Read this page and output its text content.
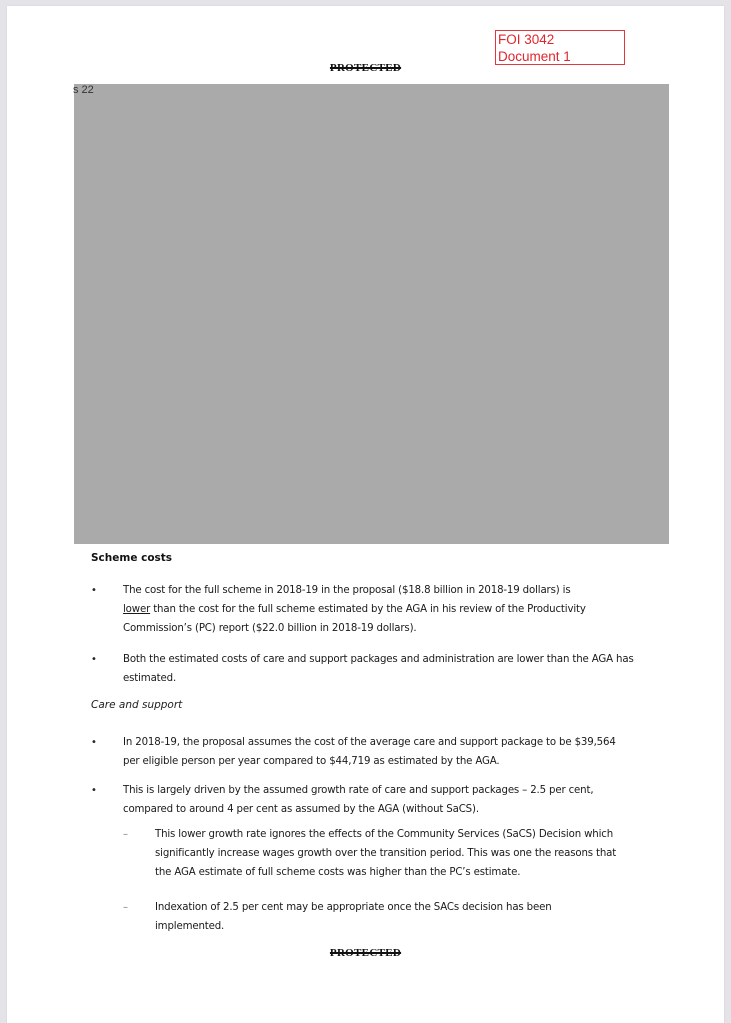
FOI 3042
Document 1
PROTECTED
s 22
Scheme costs
•	The cost for the full scheme in 2018-19 in the proposal ($18.8 billion in 2018-19 dollars) is
lower than the cost for the full scheme estimated by the AGA in his review of the Productivity Commission’s (PC) report ($22.0 billion in 2018-19 dollars).
•	Both the estimated costs of care and support packages and administration are lower than the AGA has estimated.
Care and support
•	In 2018-19, the proposal assumes the cost of the average care and support package to be $39,564 per eligible person per year compared to $44,719 as estimated by the AGA.
•	This is largely driven by the assumed growth rate of care and support packages – 2.5 per cent, compared to around 4 per cent as assumed by the AGA (without SaCS).
–	This lower growth rate ignores the effects of the Community Services (SaCS) Decision which significantly increase wages growth over the transition period. This was one the reasons that the AGA estimate of full scheme costs was higher than the PC’s estimate.
–	Indexation of 2.5 per cent may be appropriate once the SACs decision has been implemented.
PROTECTED
